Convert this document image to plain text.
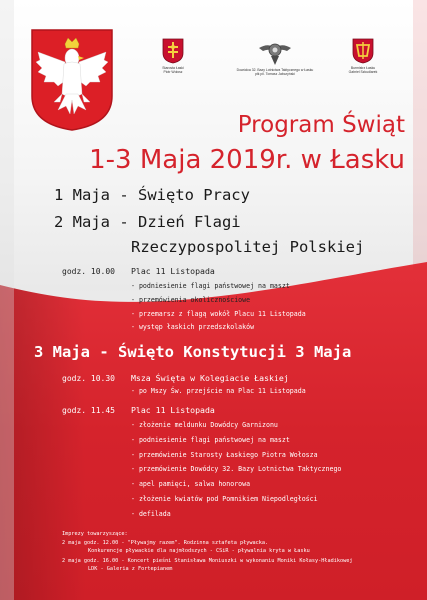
Starosta Łaski
Piotr Wołosz
Dowódca 32. Bazy Lotnictwa Taktycznego w Łasku
płk pil. Tomasz Jabczyński
Burmistrz Łasku
Gabriel Szkudlarek
Program Świąt
1-3 Maja 2019r. w Łasku
1 Maja - Święto Pracy
2 Maja - Dzień Flagi
Rzeczypospolitej Polskiej
godz. 10.00 Plac 11 Listopada
- podniesienie flagi państwowej na maszt
- przemówienia okolicznościowe
- przemarsz z flagą wokół Placu 11 Listopada
- występ łaskich przedszkolaków
3 Maja - Święto Konstytucji 3 Maja
godz. 10.30 Msza Święta w Kolegiacie Łaskiej
- po Mszy Św. przejście na Plac 11 Listopada
godz. 11.45 Plac 11 Listopada
- złożenie meldunku Dowódcy Garnizonu
- podniesienie flagi państwowej na maszt
- przemówienie Starosty Łaskiego Piotra Wołosza
- przemówienie Dowódcy 32. Bazy Lotnictwa Taktycznego
- apel pamięci, salwa honorowa
- złożenie kwiatów pod Pomnikiem Niepodległości
- defilada
Imprezy towarzyszące:
2 maja godz. 12.00 - "Pływajmy razem". Rodzinna sztafeta pływacka.
Konkurencje pływackie dla najmłodszych - CSiR - pływalnia kryta w Łasku
2 maja godz. 16.00 - Koncert pieśni Stanisława Moniuszki w wykonaniu Moniki Kołasy-Hładikowej
LDK - Galeria z Fortepianem
